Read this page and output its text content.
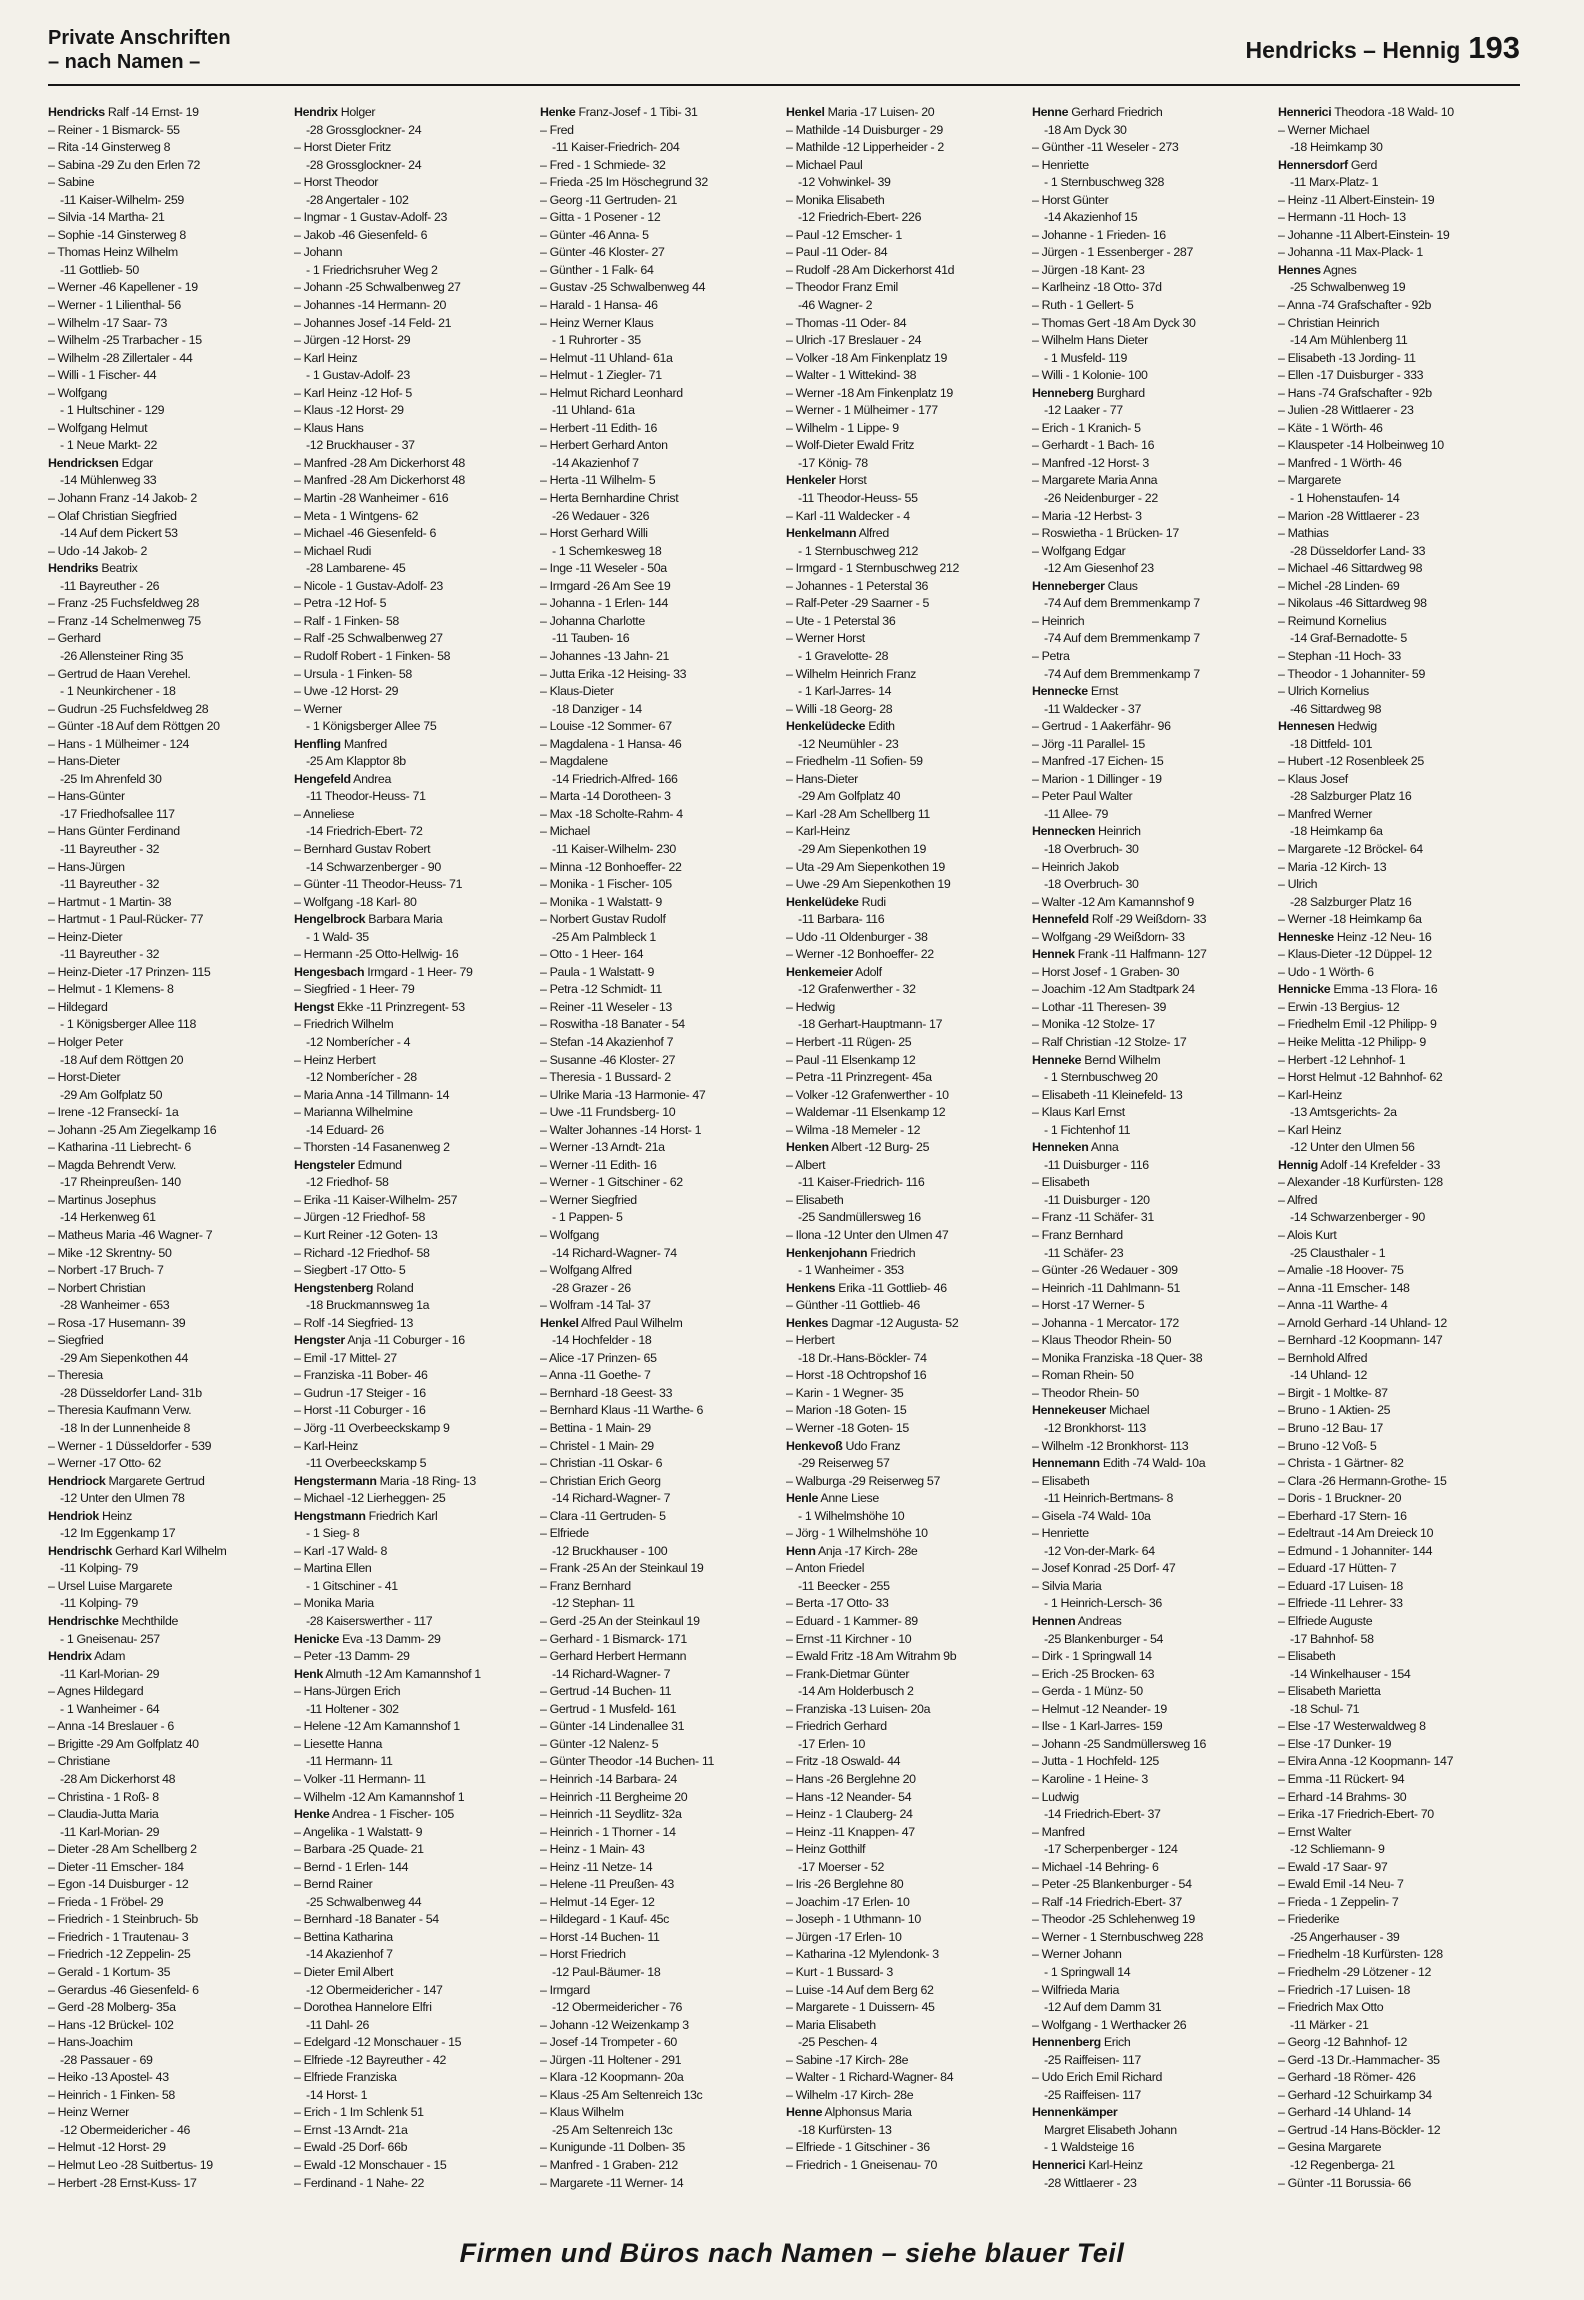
Private Anschriften
– nach Namen –	Hendricks – Hennig 193
Hendricks Ralf -14 Ernst- 19
– Reiner - 1 Bismarck- 55
– Rita -14 Ginsterweg 8
– Sabina -29 Zu den Erlen 72
– Sabine
-11 Kaiser-Wilhelm- 259
– Silvia -14 Martha- 21
– Sophie -14 Ginsterweg 8
– Thomas Heinz Wilhelm
-11 Gottlieb- 50
– Werner -46 Kapellener - 19
– Werner - 1 Lilienthal- 56
– Wilhelm -17 Saar- 73
– Wilhelm -25 Trarbacher - 15
– Wilhelm -28 Zillertaler - 44
– Willi - 1 Fischer- 44
– Wolfgang
- 1 Hultschiner - 129
– Wolfgang Helmut
- 1 Neue Markt- 22
Hendricksen Edgar
-14 Mühlenweg 33
– Johann Franz -14 Jakob- 2
– Olaf Christian Siegfried
-14 Auf dem Pickert 53
– Udo -14 Jakob- 2
Hendriks Beatrix
-11 Bayreuther - 26
– Franz -25 Fuchsfeldweg 28
– Franz -14 Schelmenweg 75
– Gerhard
-26 Allensteiner Ring 35
– Gertrud de Haan Verehel.
- 1 Neunkirchener - 18
– Gudrun -25 Fuchsfeldweg 28
– Günter -18 Auf dem Röttgen 20
– Hans - 1 Mülheimer - 124
– Hans-Dieter
-25 Im Ahrenfeld 30
– Hans-Günter
-17 Friedhofsallee 117
– Hans Günter Ferdinand
-11 Bayreuther - 32
– Hans-Jürgen
-11 Bayreuther - 32
– Hartmut - 1 Martin- 38
– Hartmut - 1 Paul-Rücker- 77
– Heinz-Dieter
-11 Bayreuther - 32
– Heinz-Dieter -17 Prinzen- 115
– Helmut - 1 Klemens- 8
– Hildegard
- 1 Königsberger Allee 118
– Holger Peter
-18 Auf dem Röttgen 20
– Horst-Dieter
-29 Am Golfplatz 50
– Irene -12 Franseckí- 1a
– Johann -25 Am Ziegelkamp 16
– Katharina -11 Liebrecht- 6
– Magda Behrendt Verw.
-17 Rheinpreußen- 140
– Martinus Josephus
-14 Herkenweg 61
– Matheus Maria -46 Wagner- 7
– Mike -12 Skrentny- 50
– Norbert -17 Bruch- 7
– Norbert Christian
-28 Wanheimer - 653
– Rosa -17 Husemann- 39
– Siegfried
-29 Am Siepenkothen 44
– Theresia
-28 Düsseldorfer Land- 31b
– Theresia Kaufmann Verw.
-18 In der Lunnenheide 8
– Werner - 1 Düsseldorfer - 539
– Werner -17 Otto- 62
Hendriock Margarete Gertrud
-12 Unter den Ulmen 78
Hendriok Heinz
-12 Im Eggenkamp 17
Hendrischk Gerhard Karl Wilhelm
-11 Kolping- 79
– Ursel Luise Margarete
-11 Kolping- 79
Hendrischke Mechthilde
- 1 Gneisenau- 257
Hendrix Adam
-11 Karl-Morian- 29
– Agnes Hildegard
- 1 Wanheimer - 64
– Anna -14 Breslauer - 6
– Brigitte -29 Am Golfplatz 40
– Christiane
-28 Am Dickerhorst 48
– Christina - 1 Roß- 8
– Claudia-Jutta Maria
-11 Karl-Morian- 29
– Dieter -28 Am Schellberg 2
– Dieter -11 Emscher- 184
– Egon -14 Duisburger - 12
– Frieda - 1 Fröbel- 29
– Friedrich - 1 Steinbruch- 5b
– Friedrich - 1 Trautenau- 3
– Friedrich -12 Zeppelin- 25
– Gerald - 1 Kortum- 35
– Gerardus -46 Giesenfeld- 6
– Gerd -28 Molberg- 35a
– Hans -12 Brückel- 102
– Hans-Joachim
-28 Passauer - 69
– Heiko -13 Apostel- 43
– Heinrich - 1 Finken- 58
– Heinz Werner
-12 Obermeidericher - 46
– Helmut -12 Horst- 29
– Helmut Leo -28 Suitbertus- 19
– Herbert -28 Ernst-Kuss- 17
Hendrix Holger
-28 Grossglockner- 24
– Horst Dieter Fritz
-28 Grossglockner- 24
– Horst Theodor
-28 Angertaler - 102
– Ingmar - 1 Gustav-Adolf- 23
– Jakob -46 Giesenfeld- 6
– Johann
- 1 Friedrichsruher Weg 2
– Johann -25 Schwalbenweg 27
– Johannes -14 Hermann- 20
– Johannes Josef -14 Feld- 21
– Jürgen -12 Horst- 29
– Karl Heinz
- 1 Gustav-Adolf- 23
– Karl Heinz -12 Hof- 5
– Klaus -12 Horst- 29
– Klaus Hans
-12 Bruckhauser - 37
– Manfred -28 Am Dickerhorst 48
– Manfred -28 Am Dickerhorst 48
– Martin -28 Wanheimer - 616
– Meta - 1 Wintgens- 62
– Michael -46 Giesenfeld- 6
– Michael Rudi
-28 Lambarene- 45
– Nicole - 1 Gustav-Adolf- 23
– Petra -12 Hof- 5
– Ralf - 1 Finken- 58
– Ralf -25 Schwalbenweg 27
– Rudolf Robert - 1 Finken- 58
– Ursula - 1 Finken- 58
– Uwe -12 Horst- 29
– Werner
- 1 Königsberger Allee 75
Henfling Manfred
-25 Am Klapptor 8b
Hengefeld Andrea
-11 Theodor-Heuss- 71
– Anneliese
-14 Friedrich-Ebert- 72
– Bernhard Gustav Robert
-14 Schwarzenberger - 90
– Günter -11 Theodor-Heuss- 71
– Wolfgang -18 Karl- 80
Hengelbrock Barbara Maria
- 1 Wald- 35
– Hermann -25 Otto-Hellwig- 16
Hengesbach Irmgard - 1 Heer- 79
– Siegfried - 1 Heer- 79
Hengst Ekke -11 Prinzregent- 53
– Friedrich Wilhelm
-12 Nomberícher - 4
– Heinz Herbert
-12 Nomberícher - 28
– Maria Anna -14 Tillmann- 14
– Marianna Wilhelmine
-14 Eduard- 26
– Thorsten -14 Fasanenweg 2
Hengsteler Edmund
-12 Friedhof- 58
– Erika -11 Kaiser-Wilhelm- 257
– Jürgen -12 Friedhof- 58
– Kurt Reiner -12 Goten- 13
– Richard -12 Friedhof- 58
– Siegbert -17 Otto- 5
Hengstenberg Roland
-18 Bruckmannsweg 1a
– Rolf -14 Siegfried- 13
Hengster Anja -11 Coburger - 16
– Emil -17 Mittel- 27
– Franziska -11 Bober- 46
– Gudrun -17 Steiger - 16
– Horst -11 Coburger - 16
– Jörg -11 Overbeeckskamp 9
– Karl-Heinz
-11 Overbeeckskamp 5
Hengstermann Maria -18 Ring- 13
– Michael -12 Lierheggen- 25
Hengstmann Friedrich Karl
- 1 Sieg- 8
– Karl -17 Wald- 8
– Martina Ellen
- 1 Gitschiner - 41
– Monika Maria
-28 Kaiserswerther - 117
Henicke Eva -13 Damm- 29
– Peter -13 Damm- 29
Henk Almuth -12 Am Kamannshof 1
– Hans-Jürgen Erich
-11 Holtener - 302
– Helene -12 Am Kamannshof 1
– Liesette Hanna
-11 Hermann- 11
– Volker -11 Hermann- 11
– Wilhelm -12 Am Kamannshof 1
Henke Andrea - 1 Fischer- 105
– Angelika - 1 Walstatt- 9
– Barbara -25 Quade- 21
– Bernd - 1 Erlen- 144
– Bernd Rainer
-25 Schwalbenweg 44
– Bernhard -18 Banater - 54
– Bettina Katharina
-14 Akazienhof 7
– Dieter Emil Albert
-12 Obermeidericher - 147
– Dorothea Hannelore Elfri
-11 Dahl- 26
– Edelgard -12 Monschauer - 15
– Elfriede -12 Bayreuther - 42
– Elfriede Franziska
-14 Horst- 1
– Erich - 1 Im Schlenk 51
– Ernst -13 Arndt- 21a
– Ewald -25 Dorf- 66b
– Ewald -12 Monschauer - 15
– Ferdinand - 1 Nahe- 22
Henke Franz-Josef - 1 Tibi- 31
– Fred
-11 Kaiser-Friedrich- 204
– Fred - 1 Schmiede- 32
– Frieda -25 Im Höschegrund 32
– Georg -11 Gertruden- 21
– Gitta - 1 Posener - 12
– Günter -46 Anna- 5
– Günter -46 Kloster- 27
– Günther - 1 Falk- 64
– Gustav -25 Schwalbenweg 44
– Harald - 1 Hansa- 46
– Heinz Werner Klaus
- 1 Ruhrorter - 35
– Helmut -11 Uhland- 61a
– Helmut - 1 Ziegler- 71
– Helmut Richard Leonhard
-11 Uhland- 61a
– Herbert -11 Edith- 16
– Herbert Gerhard Anton
-14 Akazienhof 7
– Herta -11 Wilhelm- 5
– Herta Bernhardine Christ
-26 Wedauer - 326
– Horst Gerhard Willi
- 1 Schemkesweg 18
– Inge -11 Weseler - 50a
– Irmgard -26 Am See 19
– Johanna - 1 Erlen- 144
– Johanna Charlotte
-11 Tauben- 16
– Johannes -13 Jahn- 21
– Jutta Erika -12 Heising- 33
– Klaus-Dieter
-18 Danziger - 14
– Louise -12 Sommer- 67
– Magdalena - 1 Hansa- 46
– Magdalene
-14 Friedrich-Alfred- 166
– Marta -14 Dorotheen- 3
– Max -18 Scholte-Rahm- 4
– Michael
-11 Kaiser-Wilhelm- 230
– Minna -12 Bonhoeffer- 22
– Monika - 1 Fischer- 105
– Monika - 1 Walstatt- 9
– Norbert Gustav Rudolf
-25 Am Palmbleck 1
– Otto - 1 Heer- 164
– Paula - 1 Walstatt- 9
– Petra -12 Schmidt- 11
– Reiner -11 Weseler - 13
– Roswitha -18 Banater - 54
– Stefan -14 Akazienhof 7
– Susanne -46 Kloster- 27
– Theresia - 1 Bussard- 2
– Ulrike Maria -13 Harmonie- 47
– Uwe -11 Frundsberg- 10
– Walter Johannes -14 Horst- 1
– Werner -13 Arndt- 21a
– Werner -11 Edith- 16
– Werner - 1 Gitschiner - 62
– Werner Siegfried
- 1 Pappen- 5
– Wolfgang
-14 Richard-Wagner- 74
– Wolfgang Alfred
-28 Grazer - 26
– Wolfram -14 Tal- 37
Henkel Alfred Paul Wilhelm
-14 Hochfelder - 18
– Alice -17 Prinzen- 65
– Anna -11 Goethe- 7
– Bernhard -18 Geest- 33
– Bernhard Klaus -11 Warthe- 6
– Bettina - 1 Main- 29
– Christel - 1 Main- 29
– Christian -11 Oskar- 6
– Christian Erich Georg
-14 Richard-Wagner- 7
– Clara -11 Gertruden- 5
– Elfriede
-12 Bruckhauser - 100
– Frank -25 An der Steinkaul 19
– Franz Bernhard
-12 Stephan- 11
– Gerd -25 An der Steinkaul 19
– Gerhard - 1 Bismarck- 171
– Gerhard Herbert Hermann
-14 Richard-Wagner- 7
– Gertrud -14 Buchen- 11
– Gertrud - 1 Musfeld- 161
– Günter -14 Lindenallee 31
– Günter -12 Nalenz- 5
– Günter Theodor -14 Buchen- 11
– Heinrich -14 Barbara- 24
– Heinrich -11 Bergheime 20
– Heinrich -11 Seydlitz- 32a
– Heinrich - 1 Thorner - 14
– Heinz - 1 Main- 43
– Heinz -11 Netze- 14
– Helene -11 Preußen- 43
– Helmut -14 Eger- 12
– Hildegard - 1 Kauf- 45c
– Horst -14 Buchen- 11
– Horst Friedrich
-12 Paul-Bäumer- 18
– Irmgard
-12 Obermeidericher - 76
– Johann -12 Weizenkamp 3
– Josef -14 Trompeter - 60
– Jürgen -11 Holtener - 291
– Klara -12 Koopmann- 20a
– Klaus -25 Am Seltenreich 13c
– Klaus Wilhelm
-25 Am Seltenreich 13c
– Kunigunde -11 Dolben- 35
– Manfred - 1 Graben- 212
– Margarete -11 Werner- 14
Henkel Maria -17 Luisen- 20
– Mathilde -14 Duisburger - 29
– Mathilde -12 Lipperheider - 2
– Michael Paul
-12 Vohwinkel- 39
– Monika Elisabeth
-12 Friedrich-Ebert- 226
– Paul -12 Emscher- 1
– Paul -11 Oder- 84
– Rudolf -28 Am Dickerhorst 41d
– Theodor Franz Emil
-46 Wagner- 2
– Thomas -11 Oder- 84
– Ulrich -17 Breslauer - 24
– Volker -18 Am Finkenplatz 19
– Walter - 1 Wittekind- 38
– Werner -18 Am Finkenplatz 19
– Werner - 1 Mülheimer - 177
– Wilhelm - 1 Lippe- 9
– Wolf-Dieter Ewald Fritz
-17 König- 78
Henkeler Horst
-11 Theodor-Heuss- 55
– Karl -11 Waldecker - 4
Henkelmann Alfred
- 1 Sternbuschweg 212
– Irmgard - 1 Sternbuschweg 212
– Johannes - 1 Peterstal 36
– Ralf-Peter -29 Saarner - 5
– Ute - 1 Peterstal 36
– Werner Horst
- 1 Gravelotte- 28
– Wilhelm Heinrich Franz
- 1 Karl-Jarres- 14
– Willi -18 Georg- 28
Henkelüdecke Edith
-12 Neumühler - 23
– Friedhelm -11 Sofien- 59
– Hans-Dieter
-29 Am Golfplatz 40
– Karl -28 Am Schellberg 11
– Karl-Heinz
-29 Am Siepenkothen 19
– Uta -29 Am Siepenkothen 19
– Uwe -29 Am Siepenkothen 19
Henkelüdeke Rudi
-11 Barbara- 116
– Udo -11 Oldenburger - 38
– Werner -12 Bonhoeffer- 22
Henkemeier Adolf
-12 Grafenwerther - 32
– Hedwig
-18 Gerhart-Hauptmann- 17
– Herbert -11 Rügen- 25
– Paul -11 Elsenkamp 12
– Petra -11 Prinzregent- 45a
– Volker -12 Grafenwerther - 10
– Waldemar -11 Elsenkamp 12
– Wilma -18 Memeler - 12
Henken Albert -12 Burg- 25
– Albert
-11 Kaiser-Friedrich- 116
– Elisabeth
-25 Sandmüllersweg 16
– Ilona -12 Unter den Ulmen 47
Henkenjohann Friedrich
- 1 Wanheimer - 353
Henkens Erika -11 Gottlieb- 46
– Günther -11 Gottlieb- 46
Henkes Dagmar -12 Augusta- 52
– Herbert
-18 Dr.-Hans-Böckler- 74
– Horst -18 Ochtropshof 16
– Karin - 1 Wegner- 35
– Marion -18 Goten- 15
– Werner -18 Goten- 15
Henkevoß Udo Franz
-29 Reiserweg 57
– Walburga -29 Reiserweg 57
Henle Anne Liese
- 1 Wilhelmshöhe 10
– Jörg - 1 Wilhelmshöhe 10
Henn Anja -17 Kirch- 28e
– Anton Friedel
-11 Beecker - 255
– Berta -17 Otto- 33
– Eduard - 1 Kammer- 89
– Ernst -11 Kirchner - 10
– Ewald Fritz -18 Am Witrahm 9b
– Frank-Dietmar Günter
-14 Am Holderbusch 2
– Franziska -13 Luisen- 20a
– Friedrich Gerhard
-17 Erlen- 10
– Fritz -18 Oswald- 44
– Hans -26 Berglehne 20
– Hans -12 Neander- 54
– Heinz - 1 Clauberg- 24
– Heinz -11 Knappen- 47
– Heinz Gotthilf
-17 Moerser - 52
– Iris -26 Berglehne 80
– Joachim -17 Erlen- 10
– Joseph - 1 Uthmann- 10
– Jürgen -17 Erlen- 10
– Katharina -12 Mylendonk- 3
– Kurt - 1 Bussard- 3
– Luise -14 Auf dem Berg 62
– Margarete - 1 Duissern- 45
– Maria Elisabeth
-25 Peschen- 4
– Sabine -17 Kirch- 28e
– Walter - 1 Richard-Wagner- 84
– Wilhelm -17 Kirch- 28e
Henne Alphonsus Maria
-18 Kurfürsten- 13
– Elfriede - 1 Gitschiner - 36
– Friedrich - 1 Gneisenau- 70
Henne Gerhard Friedrich
-18 Am Dyck 30
– Günther -11 Weseler - 273
– Henriette
- 1 Sternbuschweg 328
– Horst Günter
-14 Akazienhof 15
– Johanne - 1 Frieden- 16
– Jürgen - 1 Essenberger - 287
– Jürgen -18 Kant- 23
– Karlheinz -18 Otto- 37d
– Ruth - 1 Gellert- 5
– Thomas Gert -18 Am Dyck 30
– Wilhelm Hans Dieter
- 1 Musfeld- 119
– Willi - 1 Kolonie- 100
Henneberg Burghard
-12 Laaker - 77
– Erich - 1 Kranich- 5
– Gerhardt - 1 Bach- 16
– Manfred -12 Horst- 3
– Margarete Maria Anna
-26 Neidenburger - 22
– Maria -12 Herbst- 3
– Roswietha - 1 Brücken- 17
– Wolfgang Edgar
-12 Am Giesenhof 23
Henneberger Claus
-74 Auf dem Bremmenkamp 7
– Heinrich
-74 Auf dem Bremmenkamp 7
– Petra
-74 Auf dem Bremmenkamp 7
Hennecke Ernst
-11 Waldecker - 37
– Gertrud - 1 Aakerfähr- 96
– Jörg -11 Parallel- 15
– Manfred -17 Eichen- 15
– Marion - 1 Dillinger - 19
– Peter Paul Walter
-11 Allee- 79
Hennecken Heinrich
-18 Overbruch- 30
– Heinrich Jakob
-18 Overbruch- 30
– Walter -12 Am Kamannshof 9
Hennefeld Rolf -29 Weißdorn- 33
– Wolfgang -29 Weißdorn- 33
Hennek Frank -11 Halfmann- 127
– Horst Josef - 1 Graben- 30
– Joachim -12 Am Stadtpark 24
– Lothar -11 Theresen- 39
– Monika -12 Stolze- 17
– Ralf Christian -12 Stolze- 17
Henneke Bernd Wilhelm
- 1 Sternbuschweg 20
– Elisabeth -11 Kleinefeld- 13
– Klaus Karl Ernst
- 1 Fichtenhof 11
Henneken Anna
-11 Duisburger - 116
– Elisabeth
-11 Duisburger - 120
– Franz -11 Schäfer- 31
– Franz Bernhard
-11 Schäfer- 23
– Günter -26 Wedauer - 309
– Heinrich -11 Dahlmann- 51
– Horst -17 Werner- 5
– Johanna - 1 Mercator- 172
– Klaus Theodor Rhein- 50
– Monika Franziska -18 Quer- 38
– Roman Rhein- 50
– Theodor Rhein- 50
Hennekeuser Michael
-12 Bronkhorst- 113
– Wilhelm -12 Bronkhorst- 113
Hennemann Edith -74 Wald- 10a
– Elisabeth
-11 Heinrich-Bertmans- 8
– Gisela -74 Wald- 10a
– Henriette
-12 Von-der-Mark- 64
– Josef Konrad -25 Dorf- 47
– Silvia Maria
- 1 Heinrich-Lersch- 36
Hennen Andreas
-25 Blankenburger - 54
– Dirk - 1 Springwall 14
– Erich -25 Brocken- 63
– Gerda - 1 Münz- 50
– Helmut -12 Neander- 19
– Ilse - 1 Karl-Jarres- 159
– Johann -25 Sandmüllersweg 16
– Jutta - 1 Hochfeld- 125
– Karoline - 1 Heine- 3
– Ludwig
-14 Friedrich-Ebert- 37
– Manfred
-17 Scherpenberger - 124
– Michael -14 Behring- 6
– Peter -25 Blankenburger - 54
– Ralf -14 Friedrich-Ebert- 37
– Theodor -25 Schlehenweg 19
– Werner - 1 Sternbuschweg 228
– Werner Johann
- 1 Springwall 14
– Wilfrieda Maria
-12 Auf dem Damm 31
– Wolfgang - 1 Werthacker 26
Hennenberg Erich
-25 Raiffeisen- 117
– Udo Erich Emil Richard
-25 Raiffeisen- 117
Hennenkämper
Margret Elisabeth Johann
- 1 Waldsteige 16
Hennerici Karl-Heinz
-28 Wittlaerer - 23
Hennerici Theodora -18 Wald- 10
– Werner Michael
-18 Heimkamp 30
Hennersdorf Gerd
-11 Marx-Platz- 1
– Heinz -11 Albert-Einstein- 19
– Hermann -11 Hoch- 13
– Johanne -11 Albert-Einstein- 19
– Johanna -11 Max-Plack- 1
Hennes Agnes
-25 Schwalbenweg 19
– Anna -74 Grafschafter - 92b
– Christian Heinrich
-14 Am Mühlenberg 11
– Elisabeth -13 Jording- 11
– Ellen -17 Duisburger - 333
– Hans -74 Grafschafter - 92b
– Julien -28 Wittlaerer - 23
– Käte - 1 Wörth- 46
– Klauspeter -14 Holbeinweg 10
– Manfred - 1 Wörth- 46
– Margarete
- 1 Hohenstaufen- 14
– Marion -28 Wittlaerer - 23
– Mathias
-28 Düsseldorfer Land- 33
– Michael -46 Sittardweg 98
– Michel -28 Linden- 69
– Nikolaus -46 Sittardweg 98
– Reimund Kornelius
-14 Graf-Bernadotte- 5
– Stephan -11 Hoch- 33
– Theodor - 1 Johanniter- 59
– Ulrich Kornelius
-46 Sittardweg 98
Hennesen Hedwig
-18 Dittfeld- 101
– Hubert -12 Rosenbleek 25
– Klaus Josef
-28 Salzburger Platz 16
– Manfred Werner
-18 Heimkamp 6a
– Margarete -12 Bröckel- 64
– Maria -12 Kirch- 13
– Ulrich
-28 Salzburger Platz 16
– Werner -18 Heimkamp 6a
Henneske Heinz -12 Neu- 16
– Klaus-Dieter -12 Düppel- 12
– Udo - 1 Wörth- 6
Hennicke Emma -13 Flora- 16
– Erwin -13 Bergius- 12
– Friedhelm Emil -12 Philipp- 9
– Heike Melitta -12 Philipp- 9
– Herbert -12 Lehnhof- 1
– Horst Helmut -12 Bahnhof- 62
– Karl-Heinz
-13 Amtsgerichts- 2a
– Karl Heinz
-12 Unter den Ulmen 56
Hennig Adolf -14 Krefelder - 33
– Alexander -18 Kurfürsten- 128
– Alfred
-14 Schwarzenberger - 90
– Alois Kurt
-25 Clausthaler - 1
– Amalie -18 Hoover- 75
– Anna -11 Emscher- 148
– Anna -11 Warthe- 4
– Arnold Gerhard -14 Uhland- 12
– Bernhard -12 Koopmann- 147
– Bernhold Alfred
-14 Uhland- 12
– Birgit - 1 Moltke- 87
– Bruno - 1 Aktien- 25
– Bruno -12 Bau- 17
– Bruno -12 Voß- 5
– Christa - 1 Gärtner- 82
– Clara -26 Hermann-Grothe- 15
– Doris - 1 Bruckner- 20
– Eberhard -17 Stern- 16
– Edeltraut -14 Am Dreieck 10
– Edmund - 1 Johanniter- 144
– Eduard -17 Hütten- 7
– Eduard -17 Luisen- 18
– Elfriede -11 Lehrer- 33
– Elfriede Auguste
-17 Bahnhof- 58
– Elisabeth
-14 Winkelhauser - 154
– Elisabeth Marietta
-18 Schul- 71
– Else -17 Westerwaldweg 8
– Else -17 Dunker- 19
– Elvira Anna -12 Koopmann- 147
– Emma -11 Rückert- 94
– Erhard -14 Brahms- 30
– Erika -17 Friedrich-Ebert- 70
– Ernst Walter
-12 Schliemann- 9
– Ewald -17 Saar- 97
– Ewald Emil -14 Neu- 7
– Frieda - 1 Zeppelin- 7
– Friederike
-25 Angerhauser - 39
– Friedhelm -18 Kurfürsten- 128
– Friedhelm -29 Lötzener - 12
– Friedrich -17 Luisen- 18
– Friedrich Max Otto
-11 Märker - 21
– Georg -12 Bahnhof- 12
– Gerd -13 Dr.-Hammacher- 35
– Gerhard -18 Römer- 426
– Gerhard -12 Schuirkamp 34
– Gerhard -14 Uhland- 14
– Gertrud -14 Hans-Böckler- 12
– Gesina Margarete
-12 Regenberga- 21
– Günter -11 Borussia- 66
Firmen und Büros nach Namen – siehe blauer Teil
